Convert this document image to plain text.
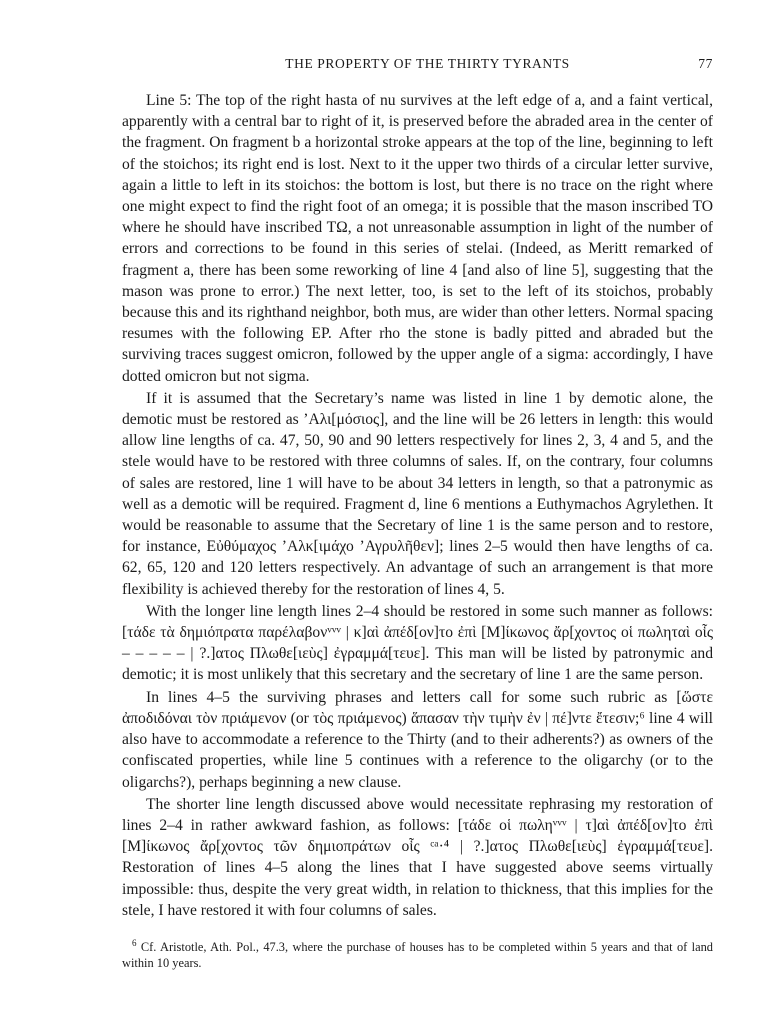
THE PROPERTY OF THE THIRTY TYRANTS	77

Line 5: The top of the right hasta of nu survives at the left edge of a, and a faint vertical, apparently with a central bar to right of it, is preserved before the abraded area in the center of the fragment. On fragment b a horizontal stroke appears at the top of the line, beginning to left of the stoichos; its right end is lost. Next to it the upper two thirds of a circular letter survive, again a little to left in its stoichos: the bottom is lost, but there is no trace on the right where one might expect to find the right foot of an omega; it is possible that the mason inscribed TO where he should have inscribed TΩ, a not unreasonable assumption in light of the number of errors and corrections to be found in this series of stelai. (Indeed, as Meritt remarked of fragment a, there has been some reworking of line 4 [and also of line 5], suggesting that the mason was prone to error.) The next letter, too, is set to the left of its stoichos, probably because this and its righthand neighbor, both mus, are wider than other letters. Normal spacing resumes with the following EP. After rho the stone is badly pitted and abraded but the surviving traces suggest omicron, followed by the upper angle of a sigma: accordingly, I have dotted omicron but not sigma.

If it is assumed that the Secretary’s name was listed in line 1 by demotic alone, the demotic must be restored as ’Αλι[μόσιος], and the line will be 26 letters in length: this would allow line lengths of ca. 47, 50, 90 and 90 letters respectively for lines 2, 3, 4 and 5, and the stele would have to be restored with three columns of sales. If, on the contrary, four columns of sales are restored, line 1 will have to be about 34 letters in length, so that a patronymic as well as a demotic will be required. Fragment d, line 6 mentions a Euthymachos Agrylethen. It would be reasonable to assume that the Secretary of line 1 is the same person and to restore, for instance, Εὐθύμαχος ’Αλκ[ιμάχο ’Αγρυλῆθεν]; lines 2–5 would then have lengths of ca. 62, 65, 120 and 120 letters respectively. An advantage of such an arrangement is that more flexibility is achieved thereby for the restoration of lines 4, 5.

With the longer line length lines 2–4 should be restored in some such manner as follows: [τάδε τὰ δημιόπρατα παρέλαβονᵛᵛᵛ | κ]αὶ ἀπέδ[ον]το ἐπὶ [Μ]ίκωνος ἄρ[χοντος οἱ πωληταὶ οἷς – – – – – | ?.]ατος Πλωθε[ιεὺς] ἐγραμμά[τευε]. This man will be listed by patronymic and demotic; it is most unlikely that this secretary and the secretary of line 1 are the same person.

In lines 4–5 the surviving phrases and letters call for some such rubric as [ὥστε ἀποδιδόναι τὸν πριάμενον (or τὸς πριάμενος) ἅπασαν τὴν τιμὴν ἐν | πέ]ντε ἔτεσιν;⁶ line 4 will also have to accommodate a reference to the Thirty (and to their adherents?) as owners of the confiscated properties, while line 5 continues with a reference to the oligarchy (or to the oligarchs?), perhaps beginning a new clause.

The shorter line length discussed above would necessitate rephrasing my restoration of lines 2–4 in rather awkward fashion, as follows: [τάδε οἱ πωληᵛᵛᵛ | τ]αὶ ἀπέδ[ον]το ἐπὶ [Μ]ίκωνος ἄρ[χοντος τῶν δημιοπράτων οἷς ᶜᵃ·⁴ | ?.]ατος Πλωθε[ιεὺς] ἐγραμμά[τευε]. Restoration of lines 4–5 along the lines that I have suggested above seems virtually impossible: thus, despite the very great width, in relation to thickness, that this implies for the stele, I have restored it with four columns of sales.

$^6$ Cf. Aristotle, Ath. Pol., 47.3, where the purchase of houses has to be completed within 5 years and that of land within 10 years.
